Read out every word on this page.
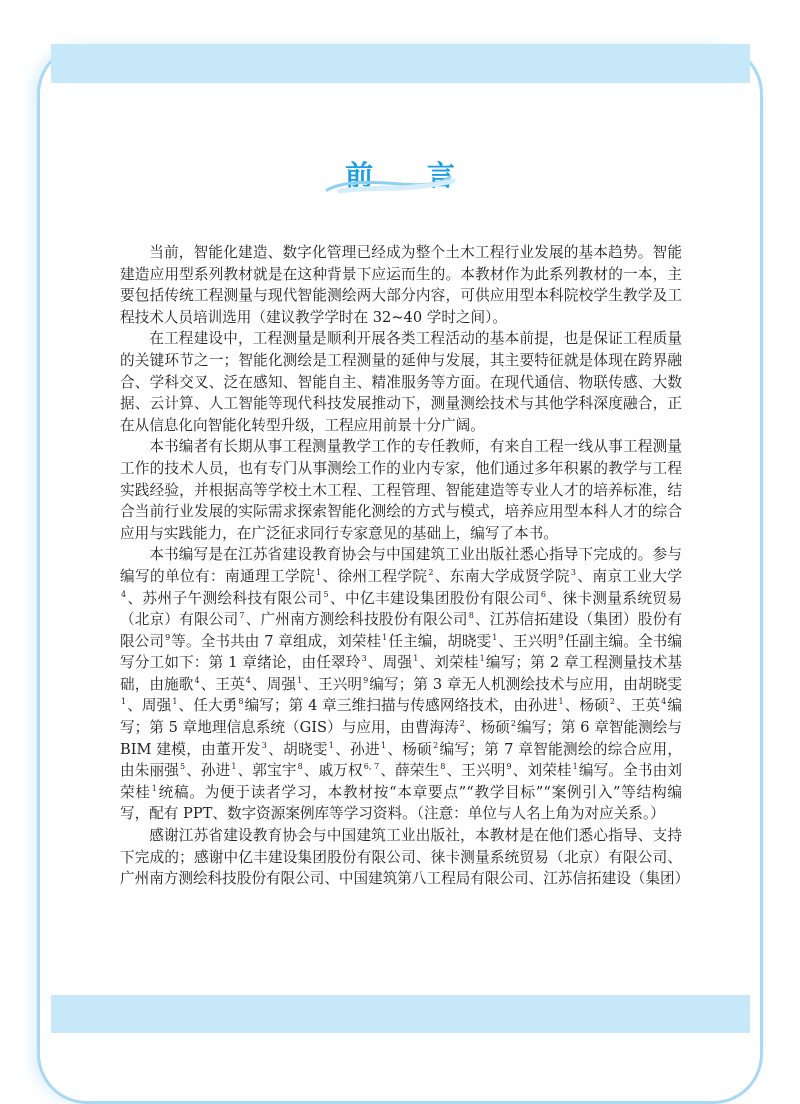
前 言

当前，智能化建造、数字化管理已经成为整个土木工程行业发展的基本趋势。智能建造应用型系列教材就是在这种背景下应运而生的。本教材作为此系列教材的一本，主要包括传统工程测量与现代智能测绘两大部分内容，可供应用型本科院校学生教学及工程技术人员培训选用（建议教学学时在 32~40 学时之间）。

在工程建设中，工程测量是顺利开展各类工程活动的基本前提，也是保证工程质量的关键环节之一；智能化测绘是工程测量的延伸与发展，其主要特征就是体现在跨界融合、学科交叉、泛在感知、智能自主、精准服务等方面。在现代通信、物联传感、大数据、云计算、人工智能等现代科技发展推动下，测量测绘技术与其他学科深度融合，正在从信息化向智能化转型升级，工程应用前景十分广阔。

本书编者有长期从事工程测量教学工作的专任教师，有来自工程一线从事工程测量工作的技术人员，也有专门从事测绘工作的业内专家，他们通过多年积累的教学与工程实践经验，并根据高等学校土木工程、工程管理、智能建造等专业人才的培养标准，结合当前行业发展的实际需求探索智能化测绘的方式与模式，培养应用型本科人才的综合应用与实践能力，在广泛征求同行专家意见的基础上，编写了本书。

本书编写是在江苏省建设教育协会与中国建筑工业出版社悉心指导下完成的。参与编写的单位有：南通理工学院$^1$、徐州工程学院$^2$、东南大学成贤学院$^3$、南京工业大学$^4$、苏州子午测绘科技有限公司$^5$、中亿丰建设集团股份有限公司$^6$、徕卡测量系统贸易（北京）有限公司$^7$、广州南方测绘科技股份有限公司$^8$、江苏信拓建设（集团）股份有限公司$^9$等。全书共由 7 章组成，刘荣桂$^1$任主编，胡晓雯$^1$、王兴明$^9$任副主编。全书编写分工如下：第 1 章绪论，由任翠玲$^3$、周强$^1$、刘荣桂$^1$编写；第 2 章工程测量技术基础，由施歌$^4$、王英$^4$、周强$^1$、王兴明$^9$编写；第 3 章无人机测绘技术与应用，由胡晓雯$^1$、周强$^1$、任大勇$^8$编写；第 4 章三维扫描与传感网络技术，由孙进$^1$、杨硕$^2$、王英$^4$编写；第 5 章地理信息系统（GIS）与应用，由曹海涛$^2$、杨硕$^2$编写；第 6 章智能测绘与 BIM 建模，由董开发$^3$、胡晓雯$^1$、孙进$^1$、杨硕$^2$编写；第 7 章智能测绘的综合应用，由朱丽强$^5$、孙进$^1$、郭宝宇$^8$、戚万权$^{6, 7}$、薛荣生$^8$、王兴明$^9$、刘荣桂$^1$编写。全书由刘荣桂$^1$统稿。为便于读者学习，本教材按“本章要点”“教学目标”“案例引入”等结构编写，配有 PPT、数字资源案例库等学习资料。（注意：单位与人名上角为对应关系。）

感谢江苏省建设教育协会与中国建筑工业出版社，本教材是在他们悉心指导、支持下完成的；感谢中亿丰建设集团股份有限公司、徕卡测量系统贸易（北京）有限公司、广州南方测绘科技股份有限公司、中国建筑第八工程局有限公司、江苏信拓建设（集团）
